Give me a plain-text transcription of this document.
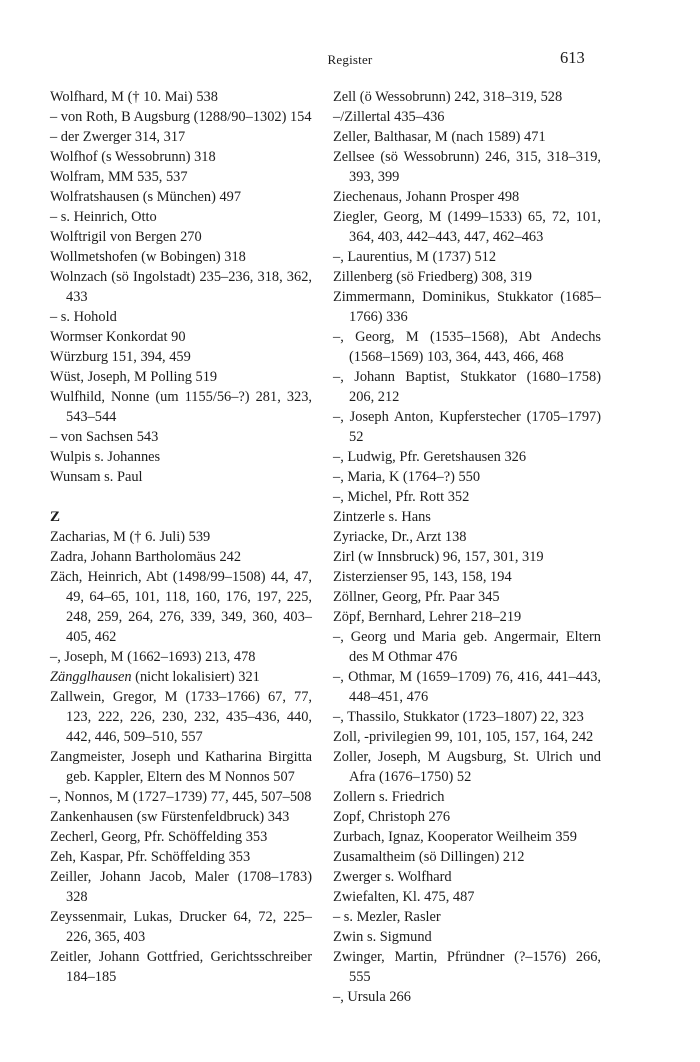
Register	613
Wolfhard, M († 10. Mai) 538
– von Roth, B Augsburg (1288/90–1302) 154
– der Zwerger 314, 317
Wolfhof (s Wessobrunn) 318
Wolfram, MM 535, 537
Wolfratshausen (s München) 497
– s. Heinrich, Otto
Wolftrigil von Bergen 270
Wollmetshofen (w Bobingen) 318
Wolnzach (sö Ingolstadt) 235–236, 318, 362, 433
– s. Hohold
Wormser Konkordat 90
Würzburg 151, 394, 459
Wüst, Joseph, M Polling 519
Wulfhild, Nonne (um 1155/56–?) 281, 323, 543–544
– von Sachsen 543
Wulpis s. Johannes
Wunsam s. Paul
Z
Zacharias, M († 6. Juli) 539
Zadra, Johann Bartholomäus 242
Zäch, Heinrich, Abt (1498/99–1508) 44, 47, 49, 64–65, 101, 118, 160, 176, 197, 225, 248, 259, 264, 276, 339, 349, 360, 403–405, 462
–, Joseph, M (1662–1693) 213, 478
Zängglhausen (nicht lokalisiert) 321
Zallwein, Gregor, M (1733–1766) 67, 77, 123, 222, 226, 230, 232, 435–436, 440, 442, 446, 509–510, 557
Zangmeister, Joseph und Katharina Birgitta geb. Kappler, Eltern des M Nonnos 507
–, Nonnos, M (1727–1739) 77, 445, 507–508
Zankenhausen (sw Fürstenfeldbruck) 343
Zecherl, Georg, Pfr. Schöffelding 353
Zeh, Kaspar, Pfr. Schöffelding 353
Zeiller, Johann Jacob, Maler (1708–1783) 328
Zeyssenmair, Lukas, Drucker 64, 72, 225–226, 365, 403
Zeitler, Johann Gottfried, Gerichtsschreiber 184–185
Zell (ö Wessobrunn) 242, 318–319, 528
–/Zillertal 435–436
Zeller, Balthasar, M (nach 1589) 471
Zellsee (sö Wessobrunn) 246, 315, 318–319, 393, 399
Ziechenaus, Johann Prosper 498
Ziegler, Georg, M (1499–1533) 65, 72, 101, 364, 403, 442–443, 447, 462–463
–, Laurentius, M (1737) 512
Zillenberg (sö Friedberg) 308, 319
Zimmermann, Dominikus, Stukkator (1685–1766) 336
–, Georg, M (1535–1568), Abt Andechs (1568–1569) 103, 364, 443, 466, 468
–, Johann Baptist, Stukkator (1680–1758) 206, 212
–, Joseph Anton, Kupferstecher (1705–1797) 52
–, Ludwig, Pfr. Geretshausen 326
–, Maria, K (1764–?) 550
–, Michel, Pfr. Rott 352
Zintzerle s. Hans
Zyriacke, Dr., Arzt 138
Zirl (w Innsbruck) 96, 157, 301, 319
Zisterzienser 95, 143, 158, 194
Zöllner, Georg, Pfr. Paar 345
Zöpf, Bernhard, Lehrer 218–219
–, Georg und Maria geb. Angermair, Eltern des M Othmar 476
–, Othmar, M (1659–1709) 76, 416, 441–443, 448–451, 476
–, Thassilo, Stukkator (1723–1807) 22, 323
Zoll, -privilegien 99, 101, 105, 157, 164, 242
Zoller, Joseph, M Augsburg, St. Ulrich und Afra (1676–1750) 52
Zollern s. Friedrich
Zopf, Christoph 276
Zurbach, Ignaz, Kooperator Weilheim 359
Zusamaltheim (sö Dillingen) 212
Zwerger s. Wolfhard
Zwiefalten, Kl. 475, 487
– s. Mezler, Rasler
Zwin s. Sigmund
Zwinger, Martin, Pfründner (?–1576) 266, 555
–, Ursula 266
